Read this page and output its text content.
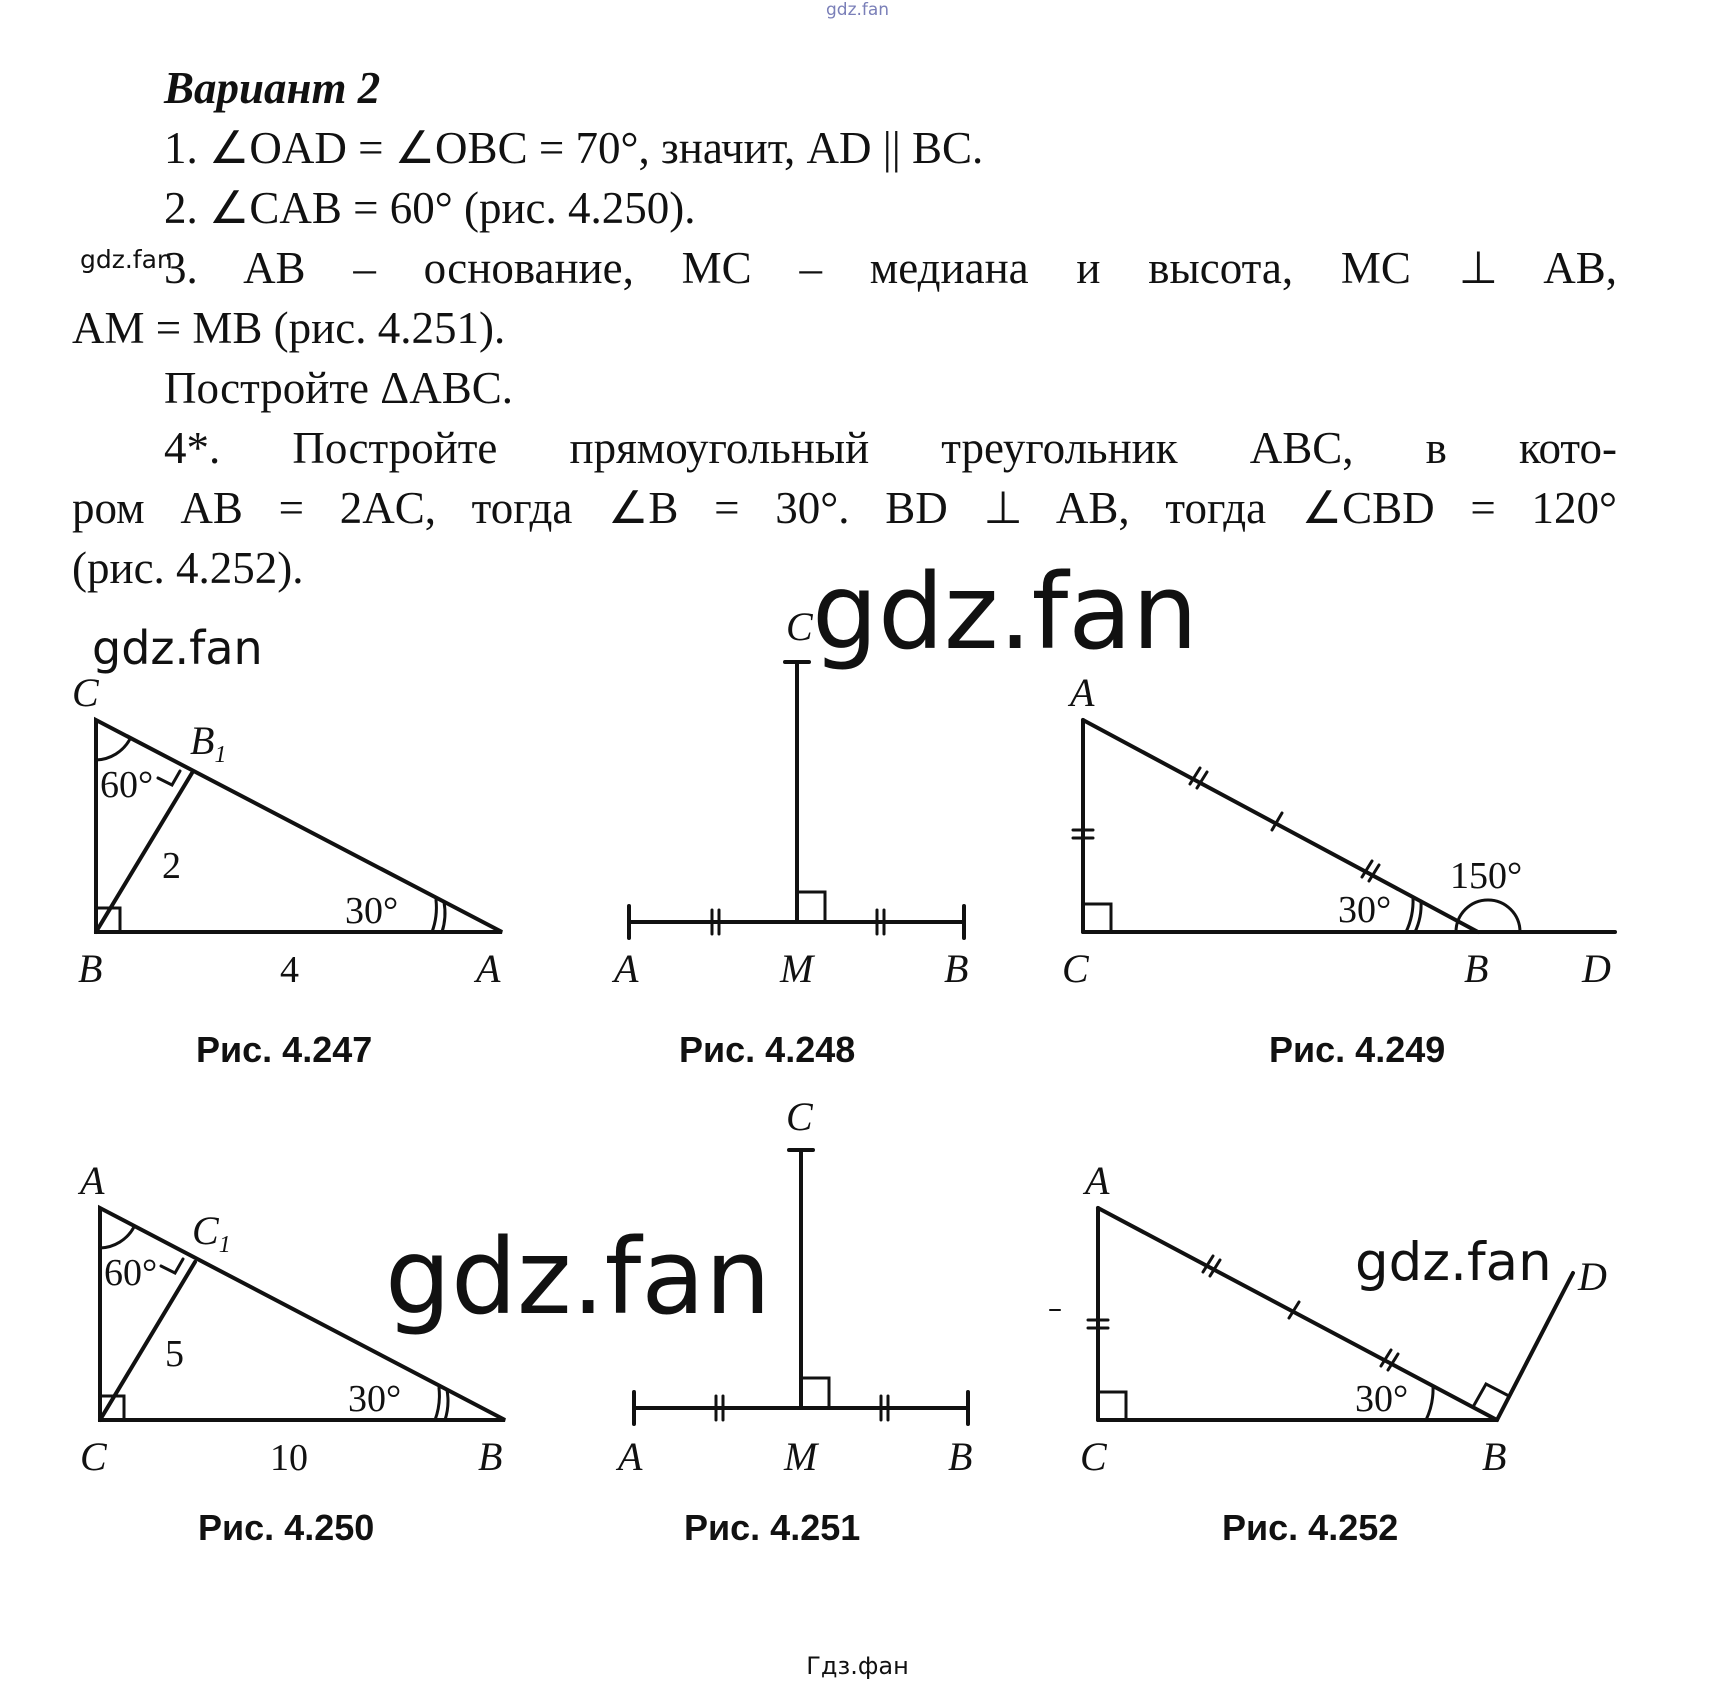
gdz.fan
Вариант 2
1. ∠OAD = ∠OBC = 70°, значит, AD || BC.
2. ∠CAB = 60° (рис. 4.250).
3. AB – основание, MC – медиана и высота, MC ⊥ AB,
AM = MB (рис. 4.251).
Постройте ΔABC.
4*. Постройте прямоугольный треугольник ABC, в кото-
ром AB = 2AC, тогда ∠B = 30°. BD ⊥ AB, тогда ∠CBD = 120°
(рис. 4.252).
C
$B_1$
60°
2
30°
B	4	A
Рис. 4.247
C
A	M	B
Рис. 4.248
A
150°
30°
C	B D
Рис. 4.249
A
$C_1$
60°
5
30°
C	10	B
Рис. 4.250
C
A	M	B
Рис. 4.251
A
D
30°
C	B
Рис. 4.252
gdz.fan
gdz.fan	gdz.fan
gdz.fan	gdz.fan
Гдз.фан
